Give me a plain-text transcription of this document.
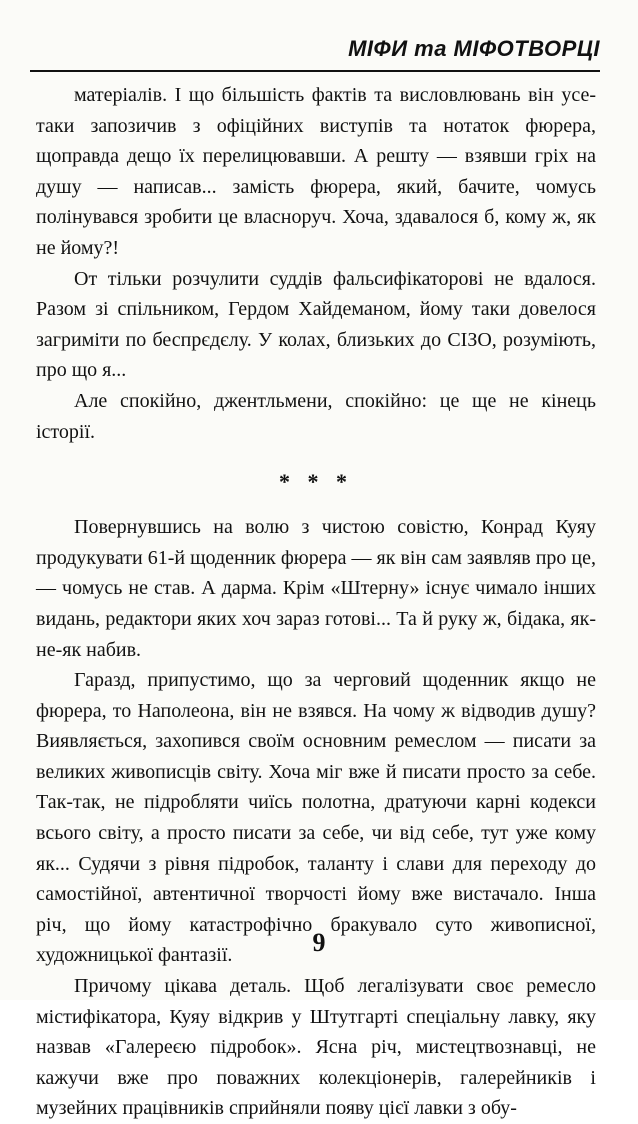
МІФИ та МІФОТВОРЦІ

матеріалів. І що більшість фактів та висловлювань він усе-таки запозичив з офіційних виступів та нотаток фюрера, щоправда дещо їх перелицювавши. А решту — взявши гріх на душу — написав... замість фюрера, який, бачите, чомусь полінувався зробити це власноруч. Хоча, здавалося б, кому ж, як не йому?!

От тільки розчулити суддів фальсифікаторові не вдалося. Разом зі спільником, Гердом Хайдеманом, йому таки довелося загриміти по беспрєдєлу. У колах, близьких до СІЗО, розуміють, про що я...

Але спокійно, джентльмени, спокійно: це ще не кінець історії.

* * *

Повернувшись на волю з чистою совістю, Конрад Куяу продукувати 61-й щоденник фюрера — як він сам заявляв про це, — чомусь не став. А дарма. Крім «Штерну» існує чимало інших видань, редактори яких хоч зараз готові... Та й руку ж, бідака, як-не-як набив.

Гаразд, припустимо, що за черговий щоденник якщо не фюрера, то Наполеона, він не взявся. На чому ж відводив душу? Виявляється, захопився своїм основним ремеслом — писати за великих живописців світу. Хоча міг вже й писати просто за себе. Так-так, не підробляти чиїсь полотна, дратуючи карні кодекси всього світу, а просто писати за себе, чи від себе, тут уже кому як... Судячи з рівня підробок, таланту і слави для переходу до самостійної, автентичної творчості йому вже вистачало. Інша річ, що йому катастрофічно бракувало суто живописної, художницької фантазії.

Причому цікава деталь. Щоб легалізувати своє ремесло містифікатора, Куяу відкрив у Штутгарті спеціальну лавку, яку назвав «Галереєю підробок». Ясна річ, мистецтвознавці, не кажучи вже про поважних колекціонерів, галерейників і музейних працівників сприйняли появу цієї лавки з обу-

9
